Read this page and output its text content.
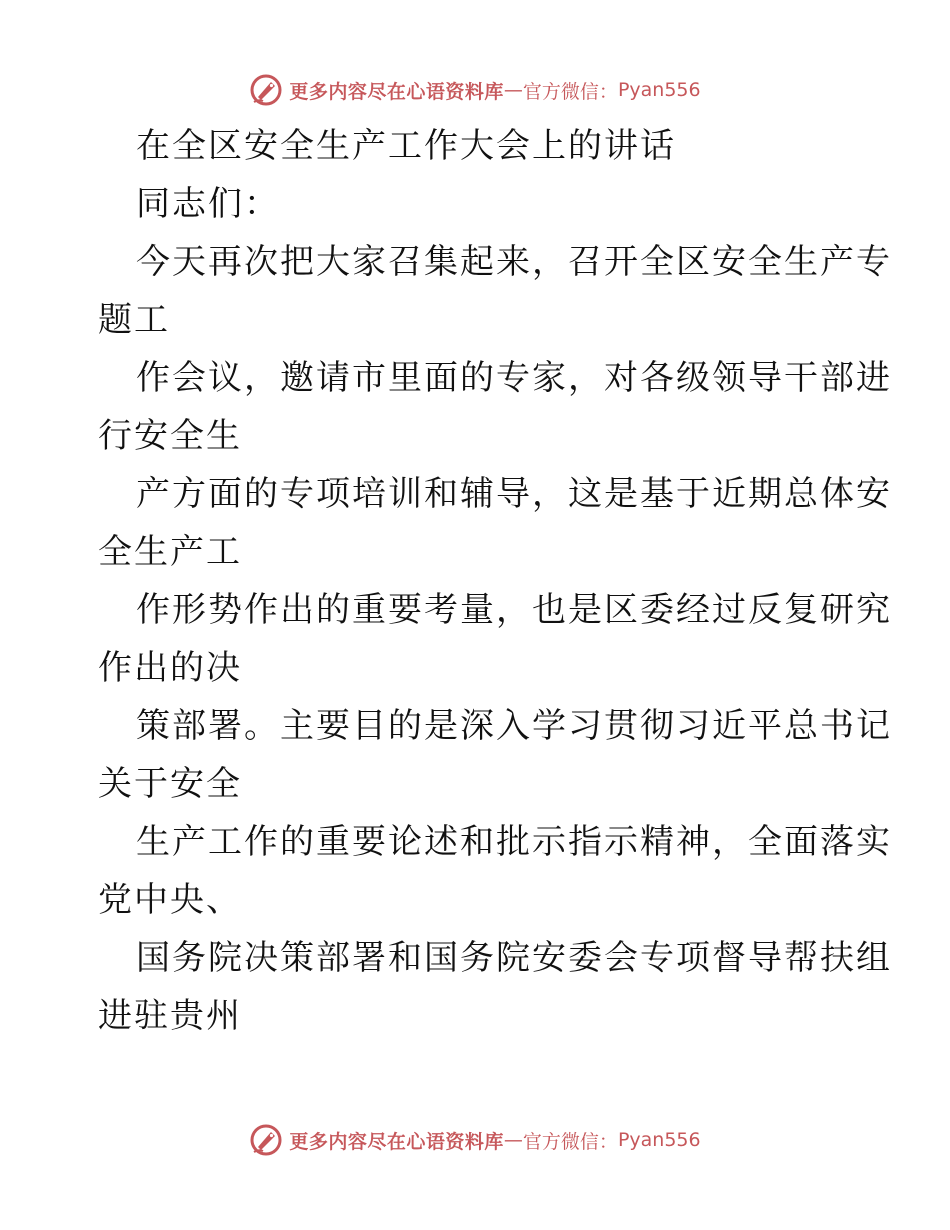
更多内容尽在心语资料库 — 官方微信： Pyan556
在全区安全生产工作大会上的讲话
同志们：
今天再次把大家召集起来，召开全区安全生产专
题工
作会议，邀请市里面的专家，对各级领导干部进
行安全生
产方面的专项培训和辅导，这是基于近期总体安
全生产工
作形势作出的重要考量，也是区委经过反复研究
作出的决
策部署。主要目的是深入学习贯彻习近平总书记
关于安全
生产工作的重要论述和批示指示精神，全面落实
党中央、
国务院决策部署和国务院安委会专项督导帮扶组
进驻贵州
更多内容尽在心语资料库 — 官方微信： Pyan556
